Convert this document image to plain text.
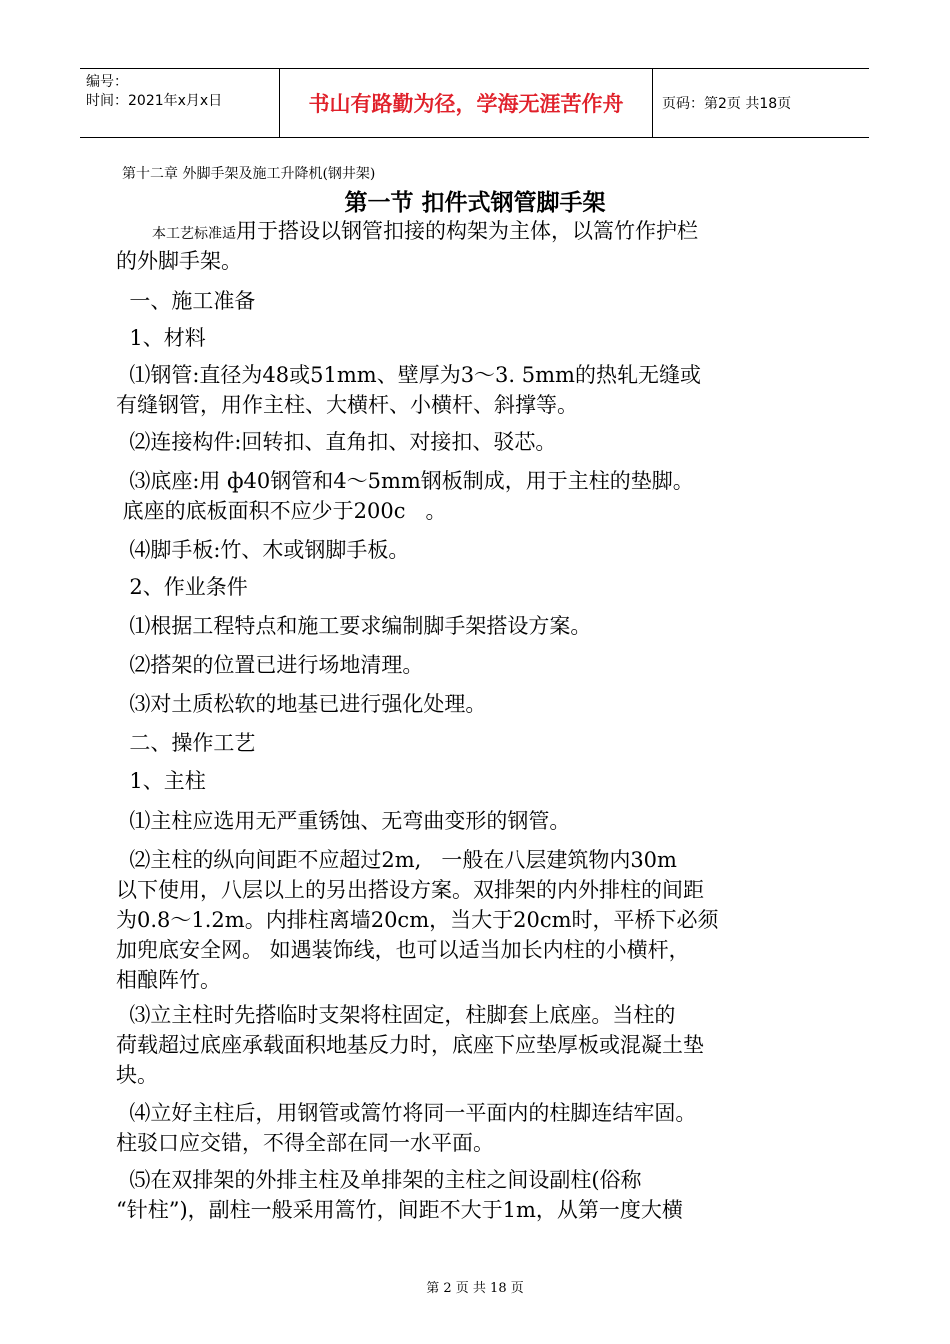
编号：
时间：2021年x月x日	书山有路勤为径，学海无涯苦作舟	页码：第2页 共18页
第十二章 外脚手架及施工升降机(钢井架)
第一节 扣件式钢管脚手架
本工艺标准适用于搭设以钢管扣接的构架为主体，以篙竹作护栏
的外脚手架。
一、施工准备
1、材料
⑴钢管:直径为48或51mm、壁厚为3～3. 5mm的热轧无缝或
有缝钢管，用作主柱、大横杆、小横杆、斜撑等。
⑵连接构件:回转扣、直角扣、对接扣、驳芯。
⑶底座:用 ф40钢管和4～5mm钢板制成，用于主柱的垫脚。
底座的底板面积不应少于200c   。
⑷脚手板:竹、木或钢脚手板。
2、作业条件
⑴根据工程特点和施工要求编制脚手架搭设方案。
⑵搭架的位置已进行场地清理。
⑶对土质松软的地基已进行强化处理。
二、操作工艺
1、主柱
⑴主柱应选用无严重锈蚀、无弯曲变形的钢管。
⑵主柱的纵向间距不应超过2m,   一般在八层建筑物内30m
以下使用，八层以上的另出搭设方案。双排架的内外排柱的间距
为0.8～1.2m。内排柱离墙20cm，当大于20cm时，平桥下必须
加兜底安全网。 如遇装饰线，也可以适当加长内柱的小横杆，
相酿阵竹。
⑶立主柱时先搭临时支架将柱固定，柱脚套上底座。当柱的
荷载超过底座承载面积地基反力时，底座下应垫厚板或混凝土垫
块。
⑷立好主柱后，用钢管或篙竹将同一平面内的柱脚连结牢固。
柱驳口应交错，不得全部在同一水平面。
⑸在双排架的外排主柱及单排架的主柱之间设副柱(俗称
“针柱”)，副柱一般采用篙竹，间距不大于1m，从第一度大横
第 2 页 共 18 页
